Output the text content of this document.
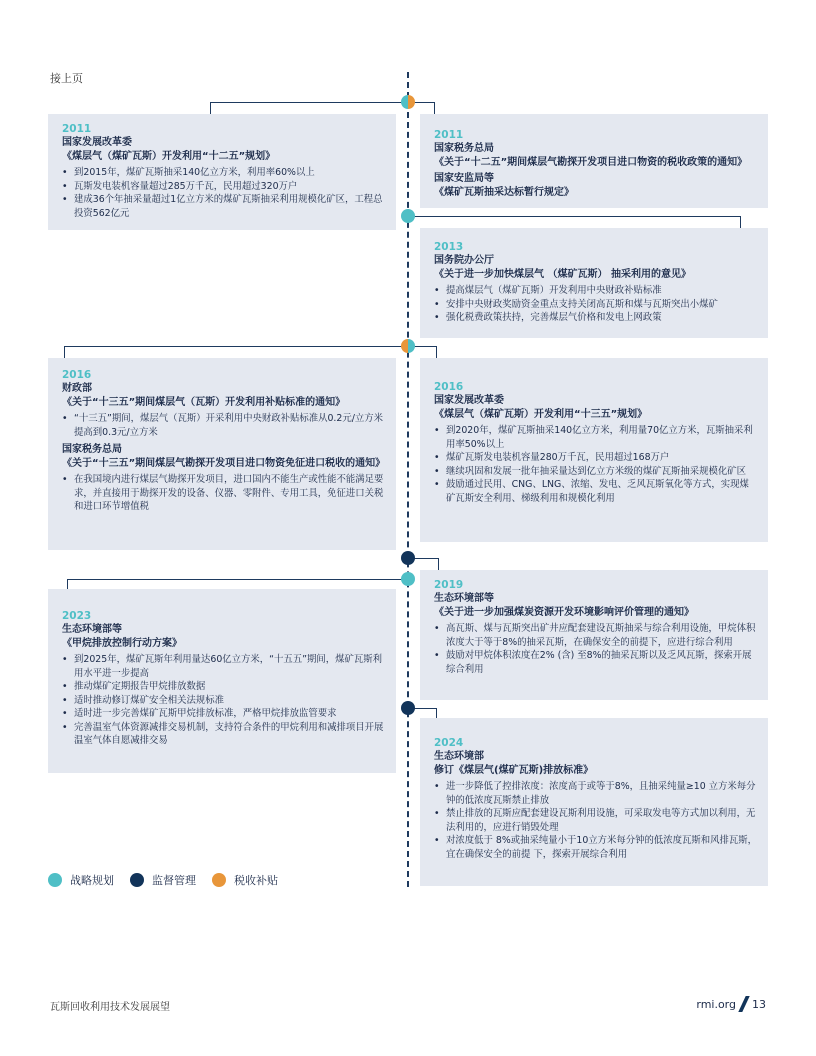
接上页
2011
国家发展改革委
《煤层气（煤矿瓦斯）开发利用“十二五”规划》
• 到2015年，煤矿瓦斯抽采140亿立方米，利用率60%以上
• 瓦斯发电装机容量超过285万千瓦，民用超过320万户
• 建成36个年抽采量超过1亿立方米的煤矿瓦斯抽采利用规模化矿区，工程总投资562亿元
2011
国家税务总局
《关于“十二五”期间煤层气勘探开发项目进口物资的税收政策的通知》
国家安监局等
《煤矿瓦斯抽采达标暂行规定》
2013
国务院办公厅
《关于进一步加快煤层气 （煤矿瓦斯） 抽采利用的意见》
• 提高煤层气（煤矿瓦斯）开发利用中央财政补贴标准
• 安排中央财政奖励资金重点支持关闭高瓦斯和煤与瓦斯突出小煤矿
• 强化税费政策扶持，完善煤层气价格和发电上网政策
2016
财政部
《关于“十三五”期间煤层气（瓦斯）开发利用补贴标准的通知》
• “十三五”期间，煤层气（瓦斯）开采利用中央财政补贴标准从0.2元/立方米提高到0.3元/立方米
国家税务总局
《关于“十三五”期间煤层气勘探开发项目进口物资免征进口税收的通知》
• 在我国境内进行煤层气勘探开发项目，进口国内不能生产或性能不能满足要求，并直接用于勘探开发的设备、仪器、零附件、专用工具，免征进口关税和进口环节增值税
2016
国家发展改革委
《煤层气（煤矿瓦斯）开发利用“十三五”规划》
• 到2020年，煤矿瓦斯抽采140亿立方米，利用量70亿立方米，瓦斯抽采利用率50%以上
• 煤矿瓦斯发电装机容量280万千瓦，民用超过168万户
• 继续巩固和发展一批年抽采量达到亿立方米级的煤矿瓦斯抽采规模化矿区
• 鼓励通过民用、CNG、LNG、浓缩、发电、乏风瓦斯氧化等方式，实现煤矿瓦斯安全利用、梯级利用和规模化利用
2019
生态环境部等
《关于进一步加强煤炭资源开发环境影响评价管理的通知》
• 高瓦斯、煤与瓦斯突出矿井应配套建设瓦斯抽采与综合利用设施，甲烷体积浓度大于等于8%的抽采瓦斯，在确保安全的前提下，应进行综合利用
• 鼓励对甲烷体积浓度在2% (含) 至8%的抽采瓦斯以及乏风瓦斯，探索开展综合利用
2023
生态环境部等
《甲烷排放控制行动方案》
• 到2025年，煤矿瓦斯年利用量达60亿立方米，“十五五”期间，煤矿瓦斯利用水平进一步提高
• 推动煤矿定期报告甲烷排放数据
• 适时推动修订煤矿安全相关法规标准
• 适时进一步完善煤矿瓦斯甲烷排放标准，严格甲烷排放监管要求
• 完善温室气体资源减排交易机制，支持符合条件的甲烷利用和减排项目开展温室气体自愿减排交易	2024
生态环境部
修订《煤层气(煤矿瓦斯)排放标准》
• 进一步降低了控排浓度：浓度高于或等于8%，且抽采纯量≥10 立方米每分钟的低浓度瓦斯禁止排放
• 禁止排放的瓦斯应配套建设瓦斯利用设施，可采取发电等方式加以利用，无法利用的，应进行销毁处理
• 对浓度低于 8%或抽采纯量小于10立方米每分钟的低浓度瓦斯和风排瓦斯，宜在确保安全的前提 下，探索开展综合利用
战略规划	监督管理	税收补贴
瓦斯回收利用技术发展展望	rmi.org 13
